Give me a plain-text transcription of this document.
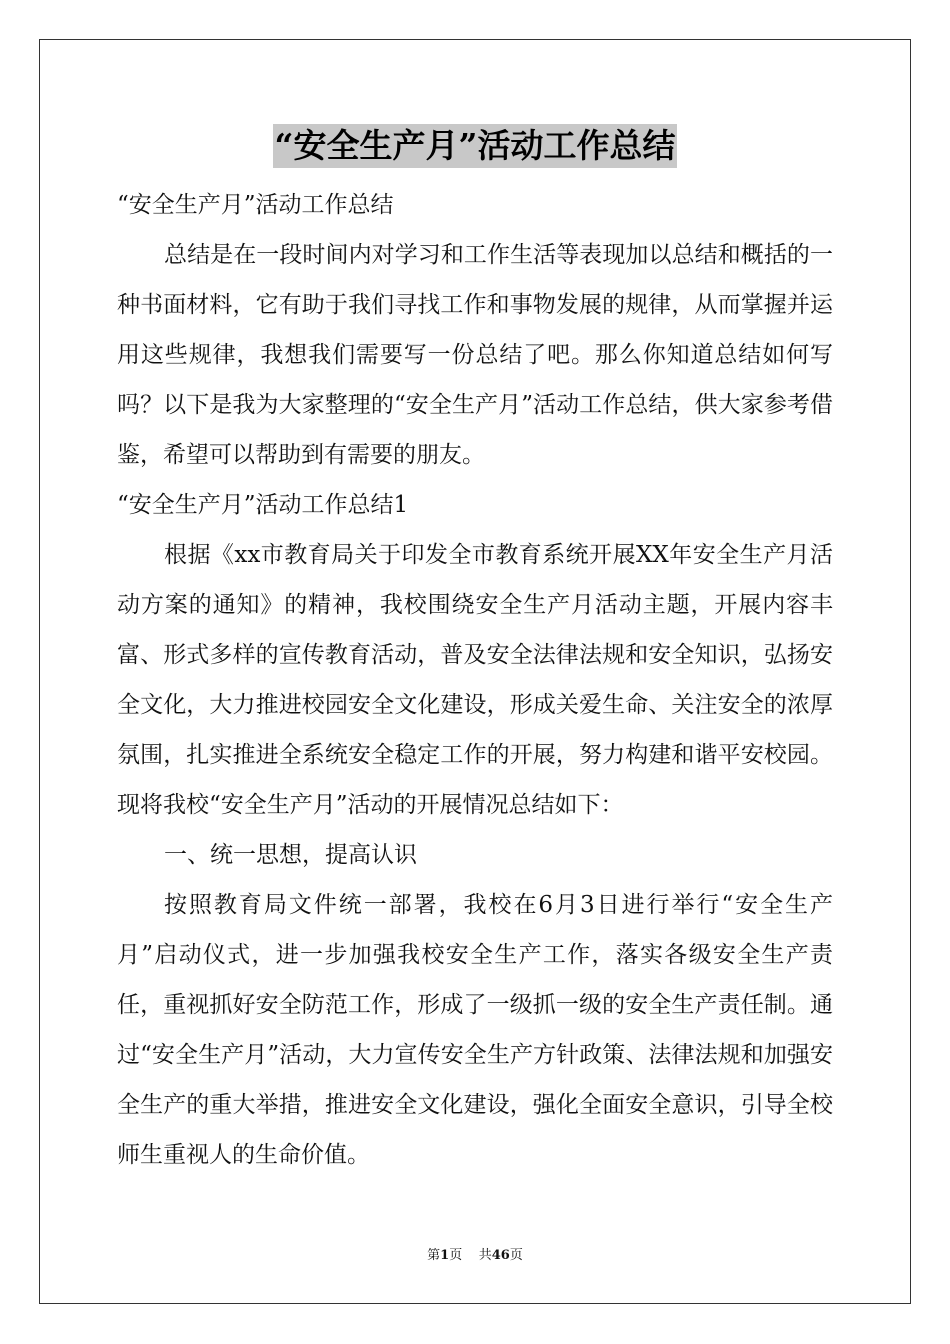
“安全生产月”活动工作总结

“安全生产月”活动工作总结

总结是在一段时间内对学习和工作生活等表现加以总结和概括的一种书面材料，它有助于我们寻找工作和事物发展的规律，从而掌握并运用这些规律，我想我们需要写一份总结了吧。那么你知道总结如何写吗？以下是我为大家整理的“安全生产月”活动工作总结，供大家参考借鉴，希望可以帮助到有需要的朋友。

“安全生产月”活动工作总结1

根据《xx市教育局关于印发全市教育系统开展XX年安全生产月活动方案的通知》的精神，我校围绕安全生产月活动主题，开展内容丰富、形式多样的宣传教育活动，普及安全法律法规和安全知识，弘扬安全文化，大力推进校园安全文化建设，形成关爱生命、关注安全的浓厚氛围，扎实推进全系统安全稳定工作的开展，努力构建和谐平安校园。现将我校“安全生产月”活动的开展情况总结如下：

一、统一思想，提高认识

按照教育局文件统一部署，我校在6月3日进行举行“安全生产月”启动仪式，进一步加强我校安全生产工作，落实各级安全生产责任，重视抓好安全防范工作，形成了一级抓一级的安全生产责任制。通过“安全生产月”活动，大力宣传安全生产方针政策、法律法规和加强安全生产的重大举措，推进安全文化建设，强化全面安全意识，引导全校师生重视人的生命价值。

第1页 共46页
